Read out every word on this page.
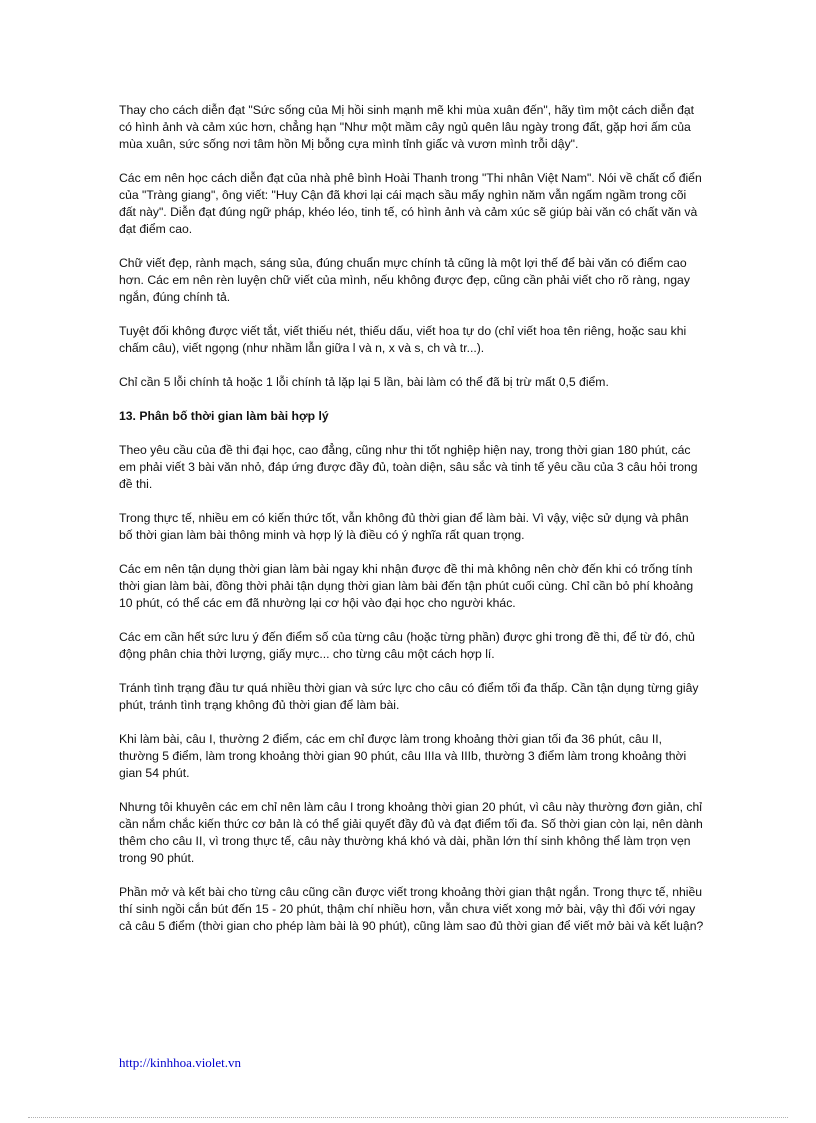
Thay cho cách diễn đạt "Sức sống của Mị hồi sinh mạnh mẽ khi mùa xuân đến", hãy tìm một cách diễn đạt có hình ảnh và cảm xúc hơn, chẳng hạn "Như một mầm cây ngủ quên lâu ngày trong đất, gặp hơi ấm của mùa xuân, sức sống nơi tâm hồn Mị bỗng cựa mình tỉnh giấc và vươn mình trỗi dậy".

Các em nên học cách diễn đạt của nhà phê bình Hoài Thanh trong "Thi nhân Việt Nam". Nói về chất cổ điển của "Tràng giang", ông viết: "Huy Cận đã khơi lại cái mạch sầu mấy nghìn năm vẫn ngấm ngầm trong cõi đất này". Diễn đạt đúng ngữ pháp, khéo léo, tinh tế, có hình ảnh và cảm xúc sẽ giúp bài văn có chất văn và đạt điểm cao.

Chữ viết đẹp, rành mạch, sáng sủa, đúng chuẩn mực chính tả cũng là một lợi thế để bài văn có điểm cao hơn. Các em nên rèn luyện chữ viết của mình, nếu không được đẹp, cũng cần phải viết cho rõ ràng, ngay ngắn, đúng chính tả.

Tuyệt đối không được viết tắt, viết thiếu nét, thiếu dấu, viết hoa tự do (chỉ viết hoa tên riêng, hoặc sau khi chấm câu), viết ngọng (như nhầm lẫn giữa l và n, x và s, ch và tr...).

Chỉ cần 5 lỗi chính tả hoặc 1 lỗi chính tả lặp lại 5 lần, bài làm có thể đã bị trừ mất 0,5 điểm.

13. Phân bố thời gian làm bài hợp lý

Theo yêu cầu của đề thi đại học, cao đẳng, cũng như thi tốt nghiệp hiện nay, trong thời gian 180 phút, các em phải viết 3 bài văn nhỏ, đáp ứng được đầy đủ, toàn diện, sâu sắc và tinh tế yêu cầu của 3 câu hỏi trong đề thi.

Trong thực tế, nhiều em có kiến thức tốt, vẫn không đủ thời gian để làm bài. Vì vậy, việc sử dụng và phân bố thời gian làm bài thông minh và hợp lý là điều có ý nghĩa rất quan trọng.

Các em nên tận dụng thời gian làm bài ngay khi nhận được đề thi mà không nên chờ đến khi có trống tính thời gian làm bài, đồng thời phải tận dụng thời gian làm bài đến tận phút cuối cùng. Chỉ cần bỏ phí khoảng 10 phút, có thể các em đã nhường lại cơ hội vào đại học cho người khác.

Các em cần hết sức lưu ý đến điểm số của từng câu (hoặc từng phần) được ghi trong đề thi, để từ đó, chủ động phân chia thời lượng, giấy mực... cho từng câu một cách hợp lí.

Tránh tình trạng đầu tư quá nhiều thời gian và sức lực cho câu có điểm tối đa thấp. Cần tận dụng từng giây phút, tránh tình trạng không đủ thời gian để làm bài.

Khi làm bài, câu I, thường 2 điểm, các em chỉ được làm trong khoảng thời gian tối đa 36 phút, câu II, thường 5 điểm, làm trong khoảng thời gian 90 phút, câu IIIa và IIIb, thường 3 điểm làm trong khoảng thời gian 54 phút.

Nhưng tôi khuyên các em chỉ nên làm câu I trong khoảng thời gian 20 phút, vì câu này thường đơn giản, chỉ cần nắm chắc kiến thức cơ bản là có thể giải quyết đầy đủ và đạt điểm tối đa. Số thời gian còn lại, nên dành thêm cho câu II, vì trong thực tế, câu này thường khá khó và dài, phần lớn thí sinh không thể làm trọn vẹn trong 90 phút.

Phần mở và kết bài cho từng câu cũng cần được viết trong khoảng thời gian thật ngắn. Trong thực tế, nhiều thí sinh ngồi cắn bút đến 15 - 20 phút, thậm chí nhiều hơn, vẫn chưa viết xong mở bài, vậy thì đối với ngay cả câu 5 điểm (thời gian cho phép làm bài là 90 phút), cũng làm sao đủ thời gian để viết mở bài và kết luận?

http://kinhhoa.violet.vn
